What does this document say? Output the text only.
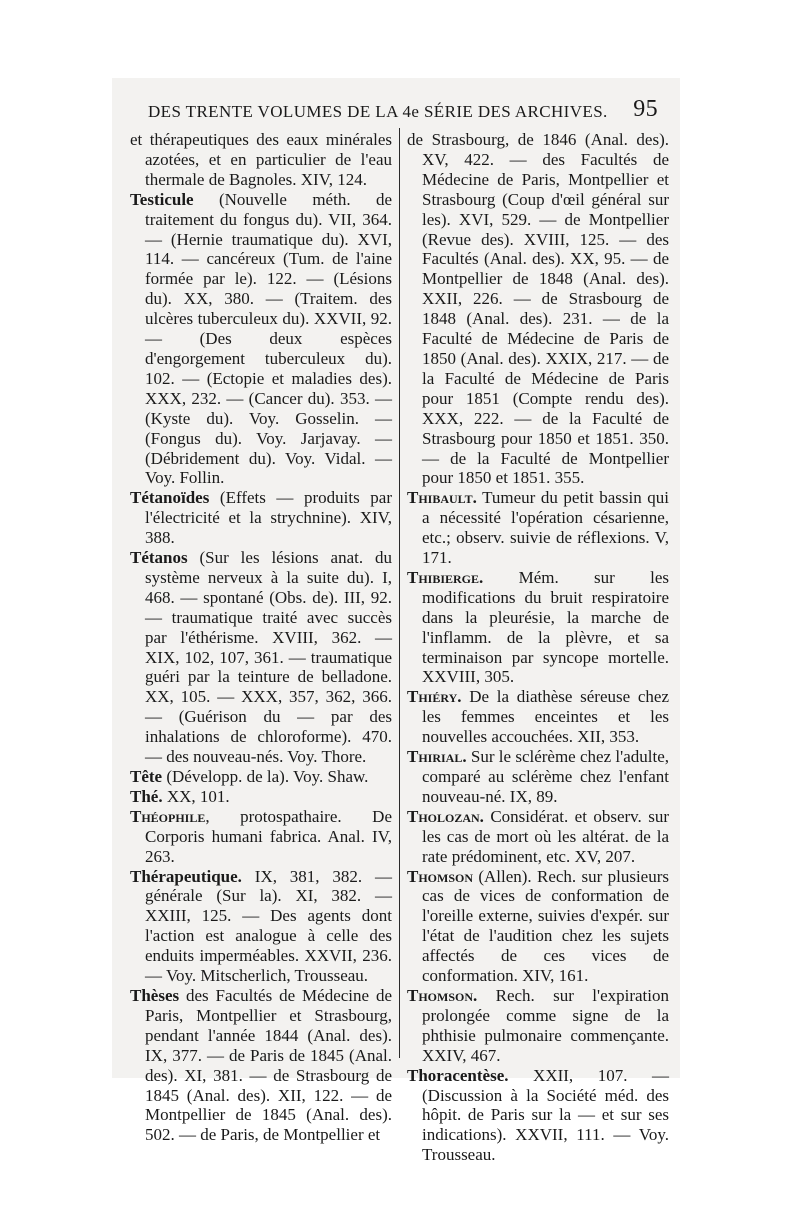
DES TRENTE VOLUMES DE LA 4e SÉRIE DES ARCHIVES. 95

et thérapeutiques des eaux minérales azotées, et en particulier de l'eau thermale de Bagnoles. XIV, 124.

Testicule (Nouvelle méth. de traitement du fongus du). VII, 364. — (Hernie traumatique du). XVI, 114. — cancéreux (Tum. de l'aine formée par le). 122. — (Lésions du). XX, 380. — (Traitem. des ulcères tuberculeux du). XXVII, 92. — (Des deux espèces d'engorgement tuberculeux du). 102. — (Ectopie et maladies des). XXX, 232. — (Cancer du). 353. — (Kyste du). Voy. Gosselin. — (Fongus du). Voy. Jarjavay. — (Débridement du). Voy. Vidal. — Voy. Follin.

Tétanoïdes (Effets — produits par l'électricité et la strychnine). XIV, 388.

Tétanos (Sur les lésions anat. du système nerveux à la suite du). I, 468. — spontané (Obs. de). III, 92. — traumatique traité avec succès par l'éthérisme. XVIII, 362. — XIX, 102, 107, 361. — traumatique guéri par la teinture de belladone. XX, 105. — XXX, 357, 362, 366. — (Guérison du — par des inhalations de chloroforme). 470. — des nouveau-nés. Voy. Thore.

Tête (Développ. de la). Voy. Shaw.

Thé. XX, 101.

Théophile, protospathaire. De Corporis humani fabrica. Anal. IV, 263.

Thérapeutique. IX, 381, 382. — générale (Sur la). XI, 382. — XXIII, 125. — Des agents dont l'action est analogue à celle des enduits imperméables. XXVII, 236. — Voy. Mitscherlich, Trousseau.

Thèses des Facultés de Médecine de Paris, Montpellier et Strasbourg, pendant l'année 1844 (Anal. des). IX, 377. — de Paris de 1845 (Anal. des). XI, 381. — de Strasbourg de 1845 (Anal. des). XII, 122. — de Montpellier de 1845 (Anal. des). 502. — de Paris, de Montpellier et

de Strasbourg, de 1846 (Anal. des). XV, 422. — des Facultés de Médecine de Paris, Montpellier et Strasbourg (Coup d'œil général sur les). XVI, 529. — de Montpellier (Revue des). XVIII, 125. — des Facultés (Anal. des). XX, 95. — de Montpellier de 1848 (Anal. des). XXII, 226. — de Strasbourg de 1848 (Anal. des). 231. — de la Faculté de Médecine de Paris de 1850 (Anal. des). XXIX, 217. — de la Faculté de Médecine de Paris pour 1851 (Compte rendu des). XXX, 222. — de la Faculté de Strasbourg pour 1850 et 1851. 350. — de la Faculté de Montpellier pour 1850 et 1851. 355.

Thibault. Tumeur du petit bassin qui a nécessité l'opération césarienne, etc.; observ. suivie de réflexions. V, 171.

Thibierge. Mém. sur les modifications du bruit respiratoire dans la pleurésie, la marche de l'inflamm. de la plèvre, et sa terminaison par syncope mortelle. XXVIII, 305.

Thiéry. De la diathèse séreuse chez les femmes enceintes et les nouvelles accouchées. XII, 353.

Thirial. Sur le sclérème chez l'adulte, comparé au sclérème chez l'enfant nouveau-né. IX, 89.

Tholozan. Considérat. et observ. sur les cas de mort où les altérat. de la rate prédominent, etc. XV, 207.

Thomson (Allen). Rech. sur plusieurs cas de vices de conformation de l'oreille externe, suivies d'expér. sur l'état de l'audition chez les sujets affectés de ces vices de conformation. XIV, 161.

Thomson. Rech. sur l'expiration prolongée comme signe de la phthisie pulmonaire commençante. XXIV, 467.

Thoracentèse. XXII, 107. — (Discussion à la Société méd. des hôpit. de Paris sur la — et sur ses indications). XXVII, 111. — Voy. Trousseau.
